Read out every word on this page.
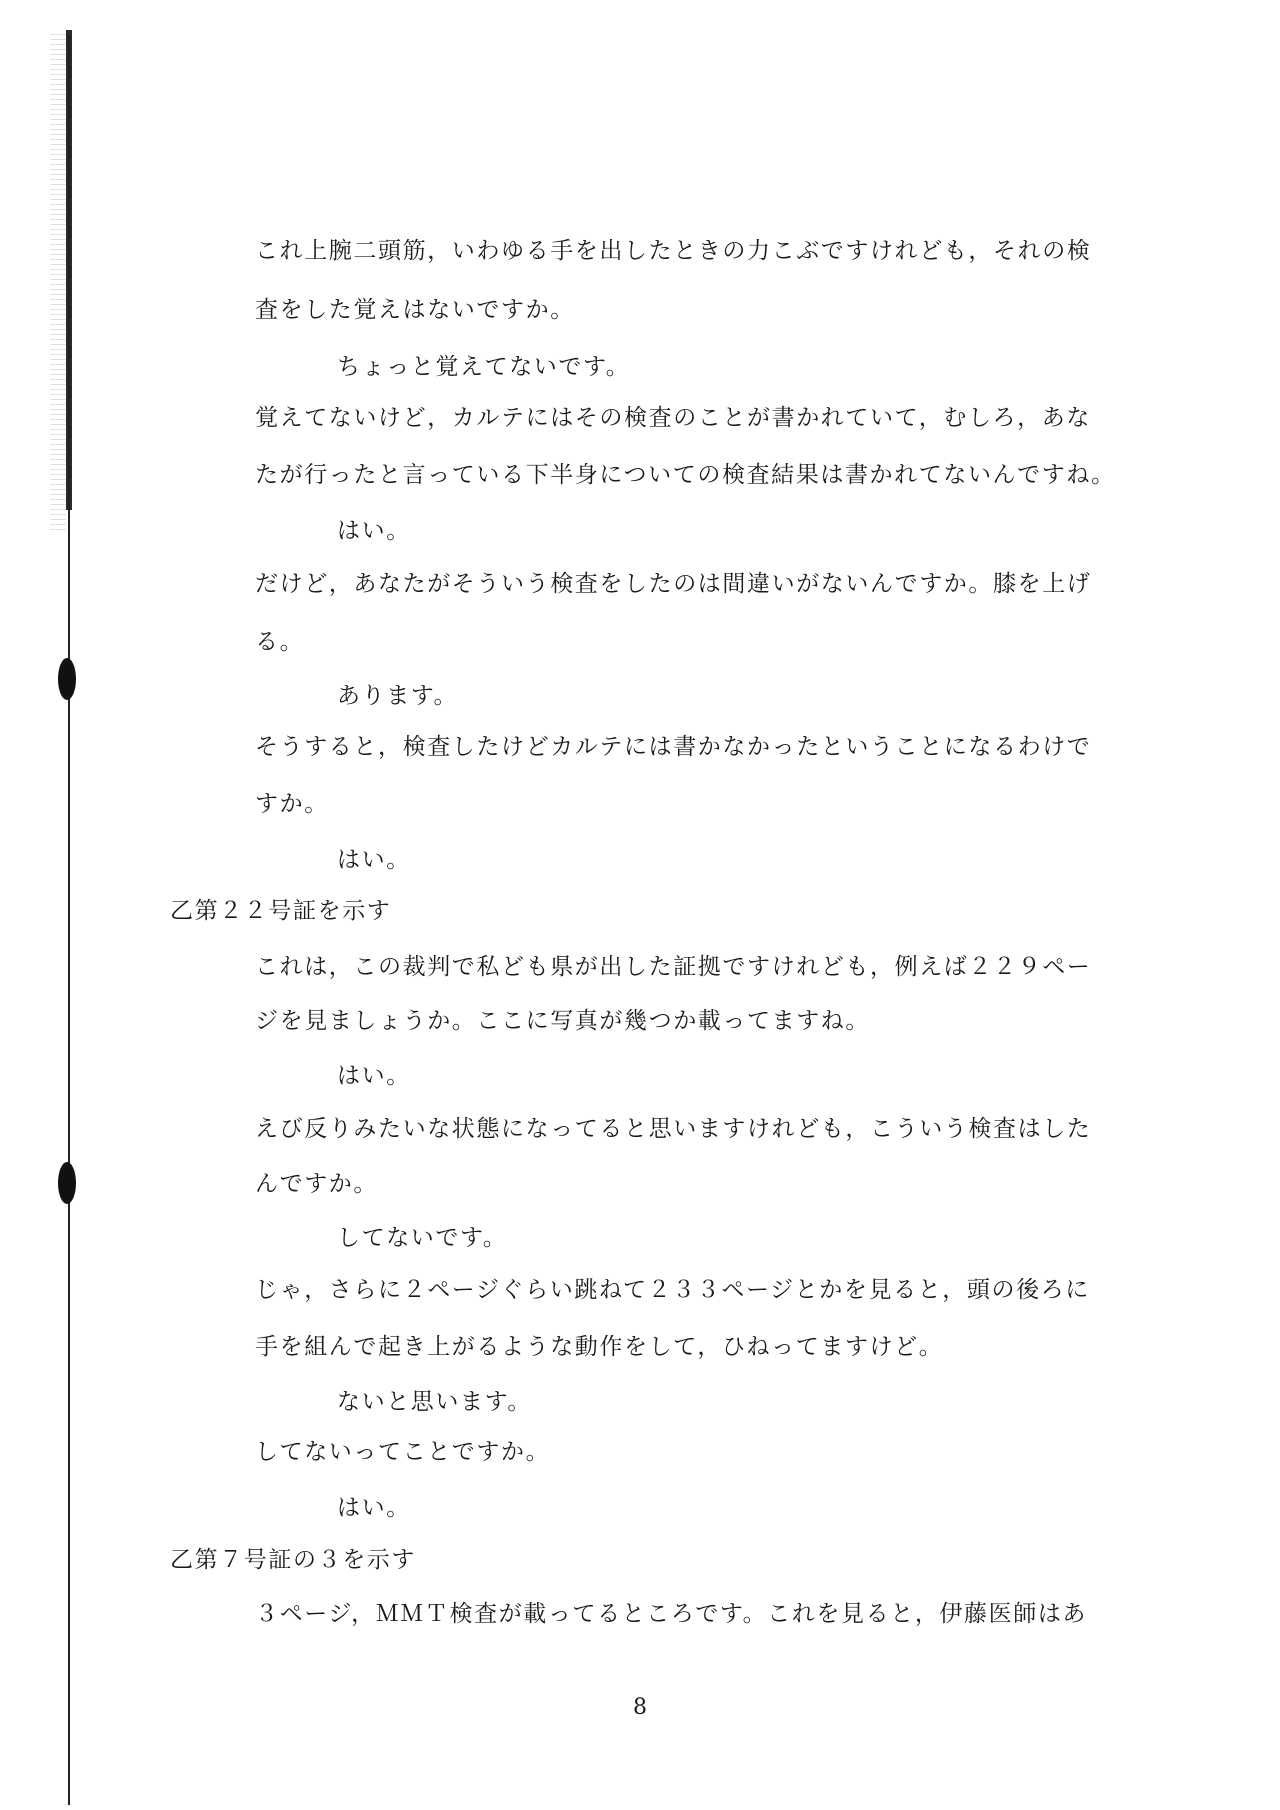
これ上腕二頭筋，いわゆる手を出したときの力こぶですけれども，それの検
査をした覚えはないですか。
ちょっと覚えてないです。
覚えてないけど，カルテにはその検査のことが書かれていて，むしろ，あな
たが行ったと言っている下半身についての検査結果は書かれてないんですね。
はい。
だけど，あなたがそういう検査をしたのは間違いがないんですか。膝を上げ
る。
あります。
そうすると，検査したけどカルテには書かなかったということになるわけで
すか。
はい。
乙第２２号証を示す
これは，この裁判で私ども県が出した証拠ですけれども，例えば２２９ペー
ジを見ましょうか。ここに写真が幾つか載ってますね。
はい。
えび反りみたいな状態になってると思いますけれども，こういう検査はした
んですか。
してないです。
じゃ，さらに２ページぐらい跳ねて２３３ページとかを見ると，頭の後ろに
手を組んで起き上がるような動作をして，ひねってますけど。
ないと思います。
してないってことですか。
はい。
乙第７号証の３を示す
３ページ，ＭＭＴ検査が載ってるところです。これを見ると，伊藤医師はあ
8
